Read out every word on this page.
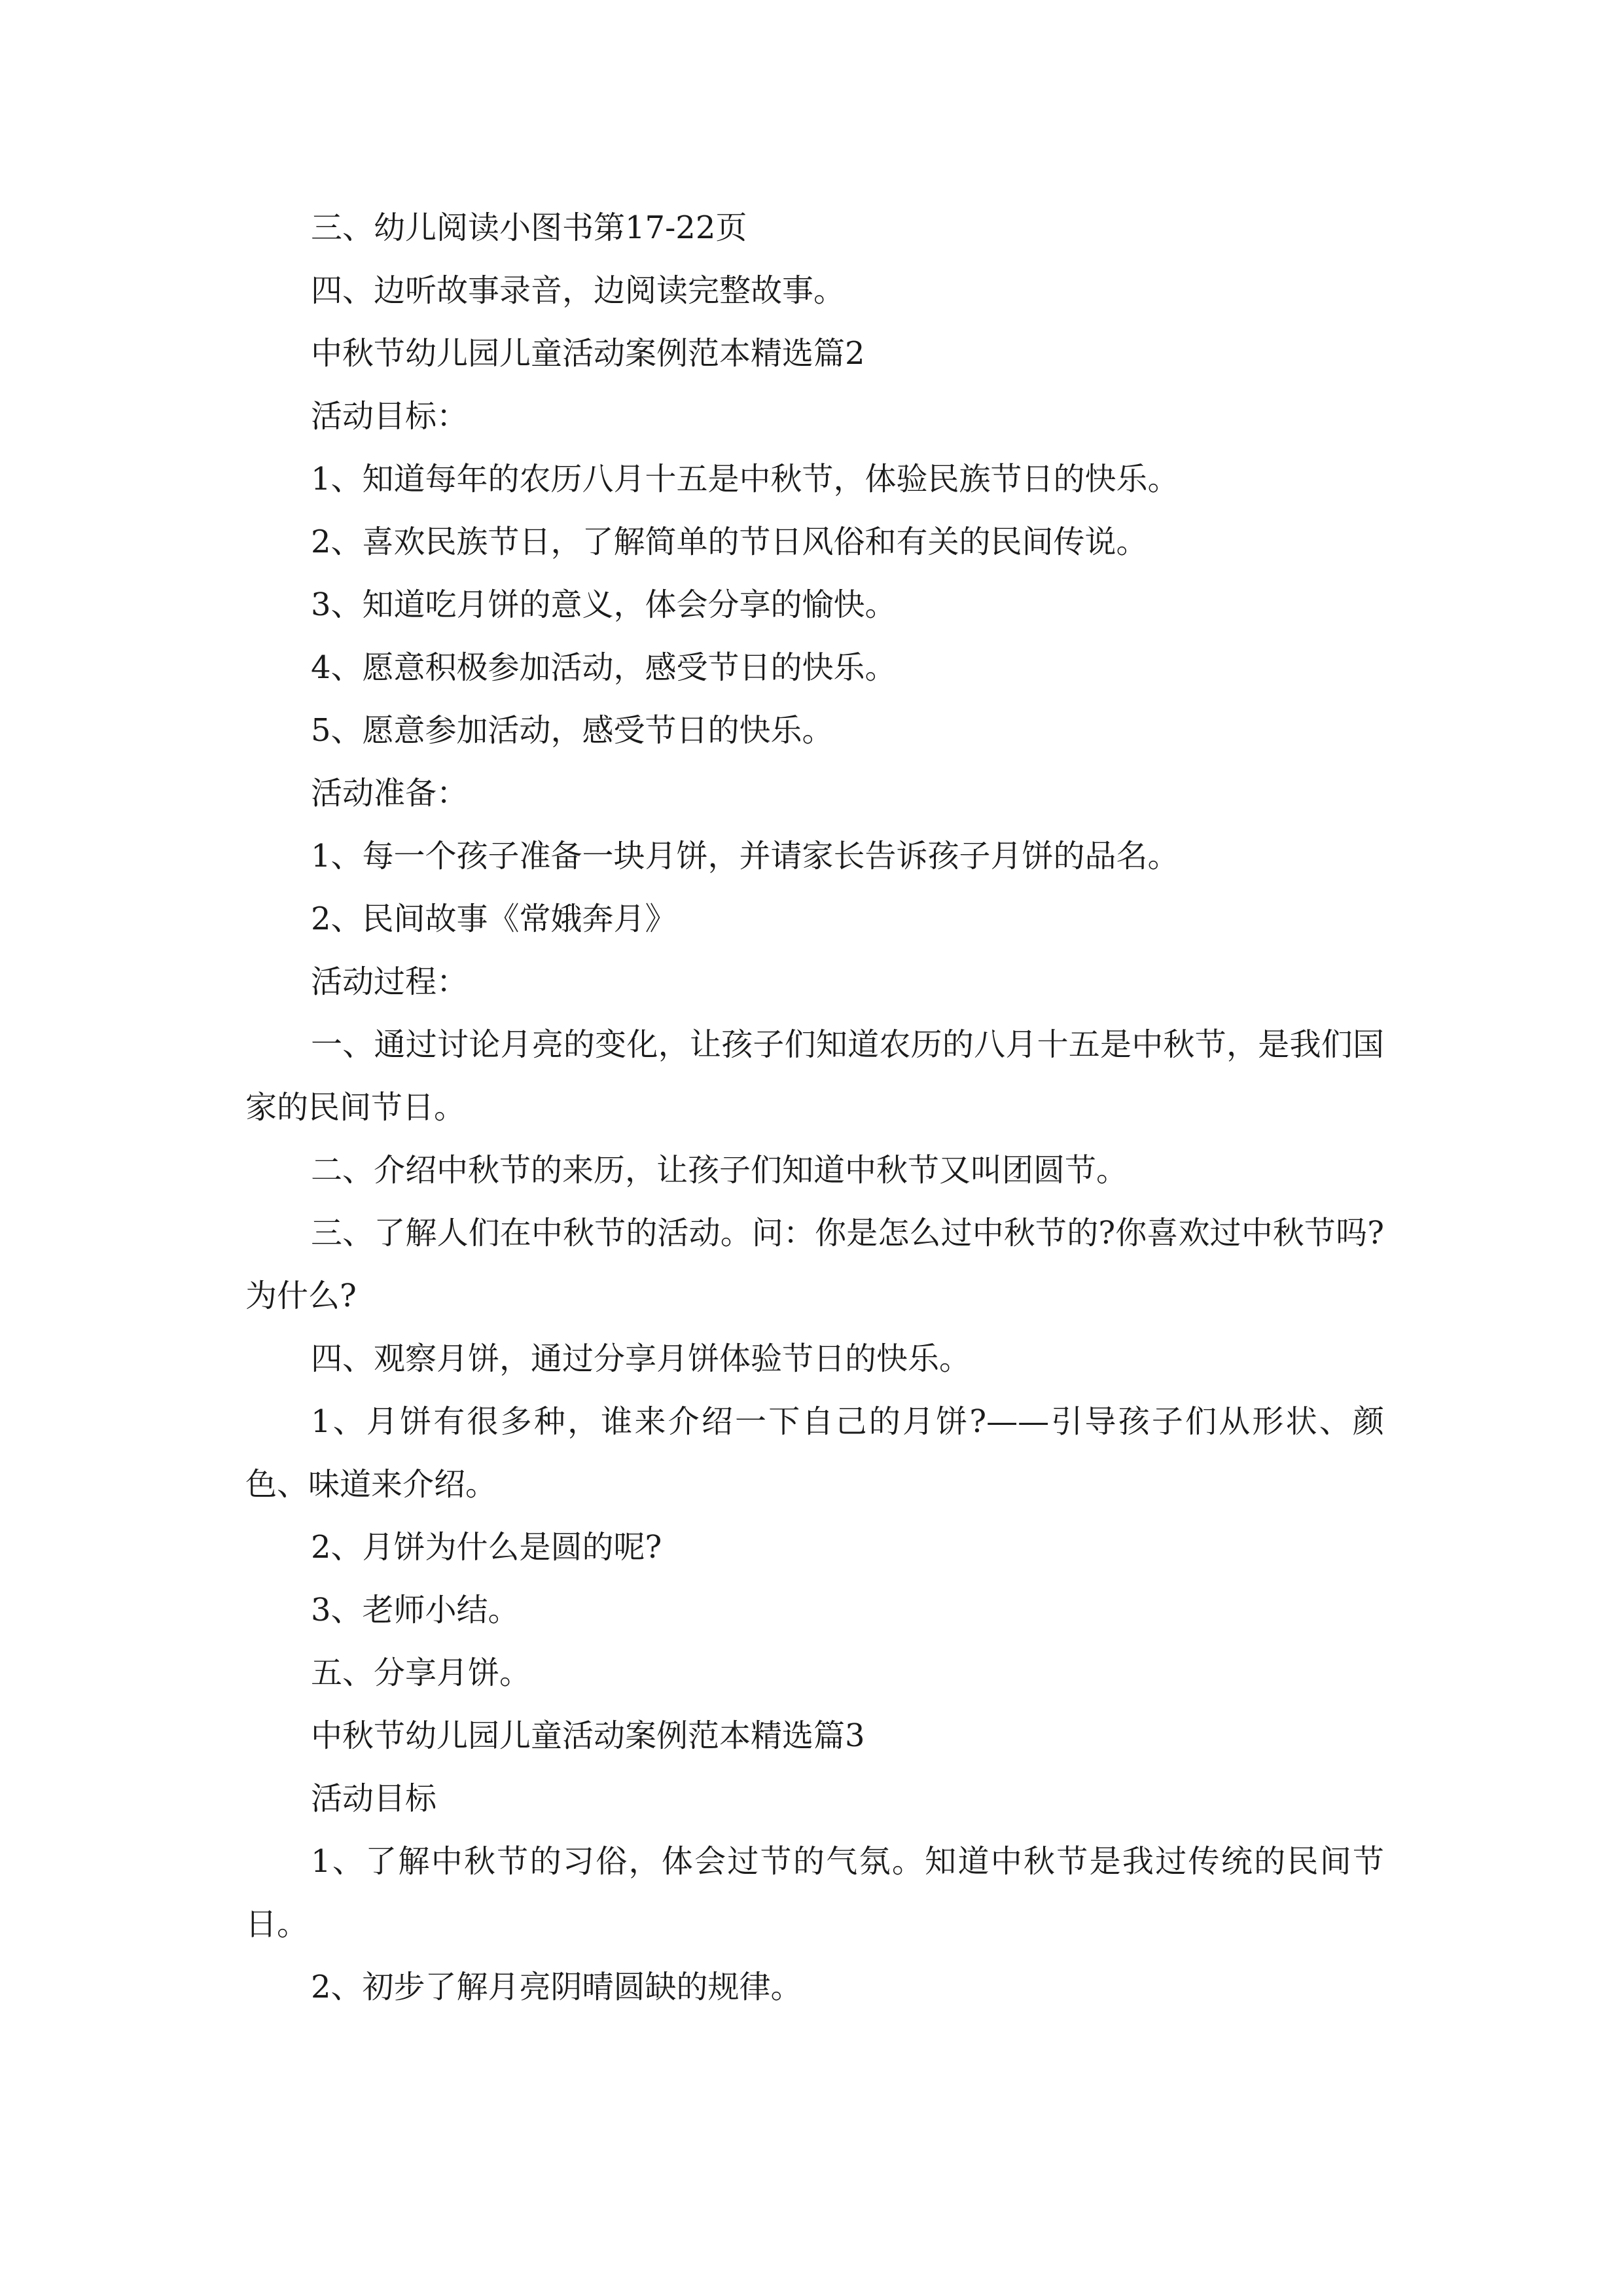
三、幼儿阅读小图书第17-22页

四、边听故事录音，边阅读完整故事。

中秋节幼儿园儿童活动案例范本精选篇2

活动目标：

1、知道每年的农历八月十五是中秋节，体验民族节日的快乐。

2、喜欢民族节日，了解简单的节日风俗和有关的民间传说。

3、知道吃月饼的意义，体会分享的愉快。

4、愿意积极参加活动，感受节日的快乐。

5、愿意参加活动，感受节日的快乐。

活动准备：

1、每一个孩子准备一块月饼，并请家长告诉孩子月饼的品名。

2、民间故事《常娥奔月》

活动过程：

一、通过讨论月亮的变化，让孩子们知道农历的八月十五是中秋节，是我们国家的民间节日。

二、介绍中秋节的来历，让孩子们知道中秋节又叫团圆节。

三、了解人们在中秋节的活动。问：你是怎么过中秋节的?你喜欢过中秋节吗?为什么?

四、观察月饼，通过分享月饼体验节日的快乐。

1、月饼有很多种，谁来介绍一下自己的月饼?——引导孩子们从形状、颜色、味道来介绍。

2、月饼为什么是圆的呢?

3、老师小结。

五、分享月饼。

中秋节幼儿园儿童活动案例范本精选篇3

活动目标

1、了解中秋节的习俗，体会过节的气氛。知道中秋节是我过传统的民间节日。

2、初步了解月亮阴晴圆缺的规律。
